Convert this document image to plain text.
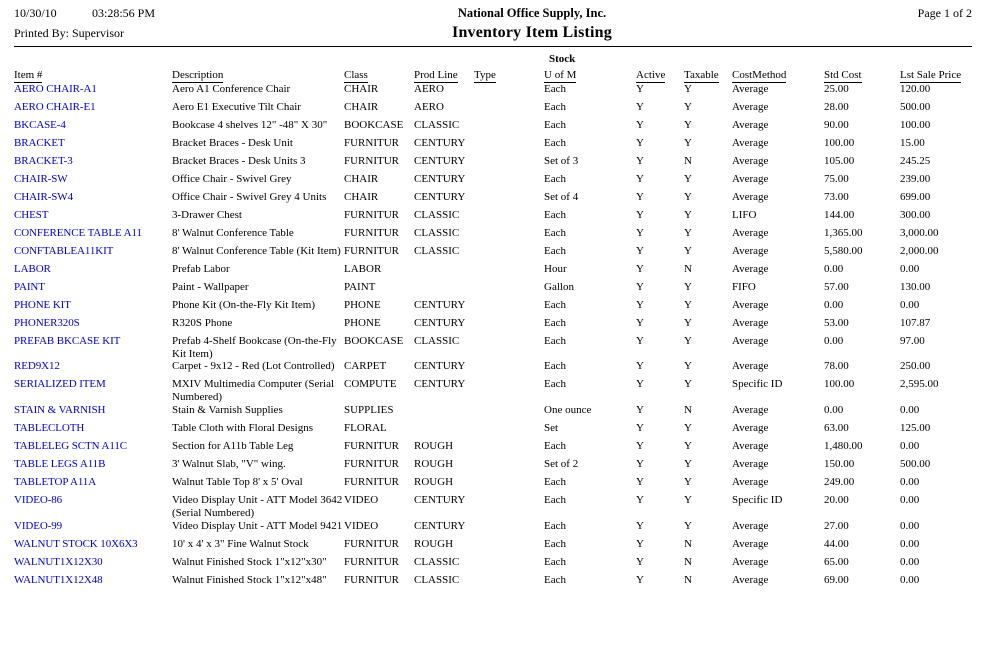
10/30/10	03:28:56 PM	National Office Supply, Inc.	Page 1 of 2
Printed By: Supervisor	Inventory Item Listing
Stock
Item #	Description	Class	Prod Line	Type	U of M	Active	Taxable	CostMethod	Std Cost	Lst Sale Price
AERO CHAIR-A1	Aero A1 Conference Chair	CHAIR	AERO		Each	Y	Y	Average	25.00	120.00
AERO CHAIR-E1	Aero E1 Executive Tilt Chair	CHAIR	AERO		Each	Y	Y	Average	28.00	500.00
BKCASE-4	Bookcase 4 shelves 12" -48" X 30"	BOOKCASE	CLASSIC		Each	Y	Y	Average	90.00	100.00
BRACKET	Bracket Braces - Desk Unit	FURNITUR	CENTURY		Each	Y	Y	Average	100.00	15.00
BRACKET-3	Bracket Braces - Desk Units 3	FURNITUR	CENTURY		Set of 3	Y	N	Average	105.00	245.25
CHAIR-SW	Office Chair - Swivel Grey	CHAIR	CENTURY		Each	Y	Y	Average	75.00	239.00
CHAIR-SW4	Office Chair - Swivel Grey 4 Units	CHAIR	CENTURY		Set of 4	Y	Y	Average	73.00	699.00
CHEST	3-Drawer Chest	FURNITUR	CLASSIC		Each	Y	Y	LIFO	144.00	300.00
CONFERENCE TABLE A11	8' Walnut Conference Table	FURNITUR	CLASSIC		Each	Y	Y	Average	1,365.00	3,000.00
CONFTABLEA11KIT	8' Walnut Conference Table (Kit Item)	FURNITUR	CLASSIC		Each	Y	Y	Average	5,580.00	2,000.00
LABOR	Prefab Labor	LABOR			Hour	Y	N	Average	0.00	0.00
PAINT	Paint - Wallpaper	PAINT			Gallon	Y	Y	FIFO	57.00	130.00
PHONE KIT	Phone Kit (On-the-Fly Kit Item)	PHONE	CENTURY		Each	Y	Y	Average	0.00	0.00
PHONER320S	R320S Phone	PHONE	CENTURY		Each	Y	Y	Average	53.00	107.87
PREFAB BKCASE KIT	Prefab 4-Shelf Bookcase (On-the-Fly Kit Item)	BOOKCASE	CLASSIC		Each	Y	Y	Average	0.00	97.00
RED9X12	Carpet - 9x12 - Red (Lot Controlled)	CARPET	CENTURY		Each	Y	Y	Average	78.00	250.00
SERIALIZED ITEM	MXIV Multimedia Computer (Serial Numbered)	COMPUTE	CENTURY		Each	Y	Y	Specific ID	100.00	2,595.00
STAIN & VARNISH	Stain & Varnish Supplies	SUPPLIES			One ounce	Y	N	Average	0.00	0.00
TABLECLOTH	Table Cloth with Floral Designs	FLORAL			Set	Y	Y	Average	63.00	125.00
TABLELEG SCTN A11C	Section for A11b Table Leg	FURNITUR	ROUGH		Each	Y	Y	Average	1,480.00	0.00
TABLE LEGS A11B	3' Walnut Slab, "V" wing.	FURNITUR	ROUGH		Set of 2	Y	Y	Average	150.00	500.00
TABLETOP A11A	Walnut Table Top 8' x 5' Oval	FURNITUR	ROUGH		Each	Y	Y	Average	249.00	0.00
VIDEO-86	Video Display Unit - ATT Model 3642 (Serial Numbered)	VIDEO	CENTURY		Each	Y	Y	Specific ID	20.00	0.00
VIDEO-99	Video Display Unit - ATT Model 9421	VIDEO	CENTURY		Each	Y	Y	Average	27.00	0.00
WALNUT STOCK 10X6X3	10' x 4' x 3" Fine Walnut Stock	FURNITUR	ROUGH		Each	Y	N	Average	44.00	0.00
WALNUT1X12X30	Walnut Finished Stock 1"x12"x30"	FURNITUR	CLASSIC		Each	Y	N	Average	65.00	0.00
WALNUT1X12X48	Walnut Finished Stock 1"x12"x48"	FURNITUR	CLASSIC		Each	Y	N	Average	69.00	0.00
